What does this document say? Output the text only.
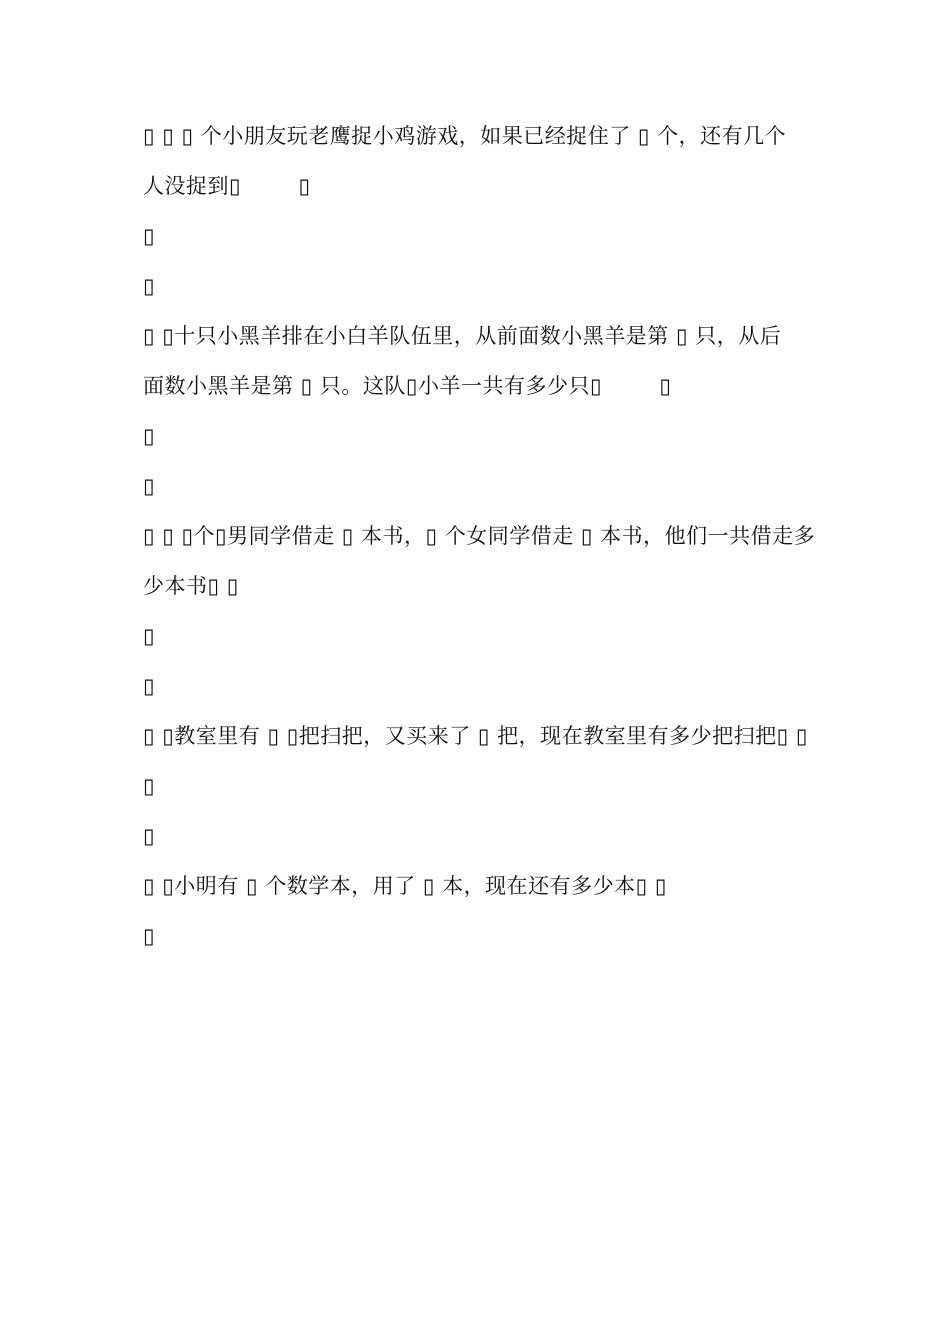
▯ ▯ ▯ 个小朋友玩老鹰捉小鸡游戏，如果已经捉住了 ▯ 个，还有几个
人没捉到▯        ▯
▯
▯
▯ ▯十只小黑羊排在小白羊队伍里，从前面数小黑羊是第 ▯ 只，从后
面数小黑羊是第 ▯ 只。这队▯小羊一共有多少只▯        ▯
▯
▯
▯ ▯ ▯个▯男同学借走 ▯ 本书，▯ 个女同学借走 ▯ 本书，他们一共借走多
少本书▯ ▯
▯
▯
▯ ▯教室里有 ▯ ▯把扫把，又买来了 ▯ 把，现在教室里有多少把扫把▯ ▯
▯
▯
▯ ▯小明有 ▯ 个数学本，用了 ▯ 本，现在还有多少本▯ ▯
▯
